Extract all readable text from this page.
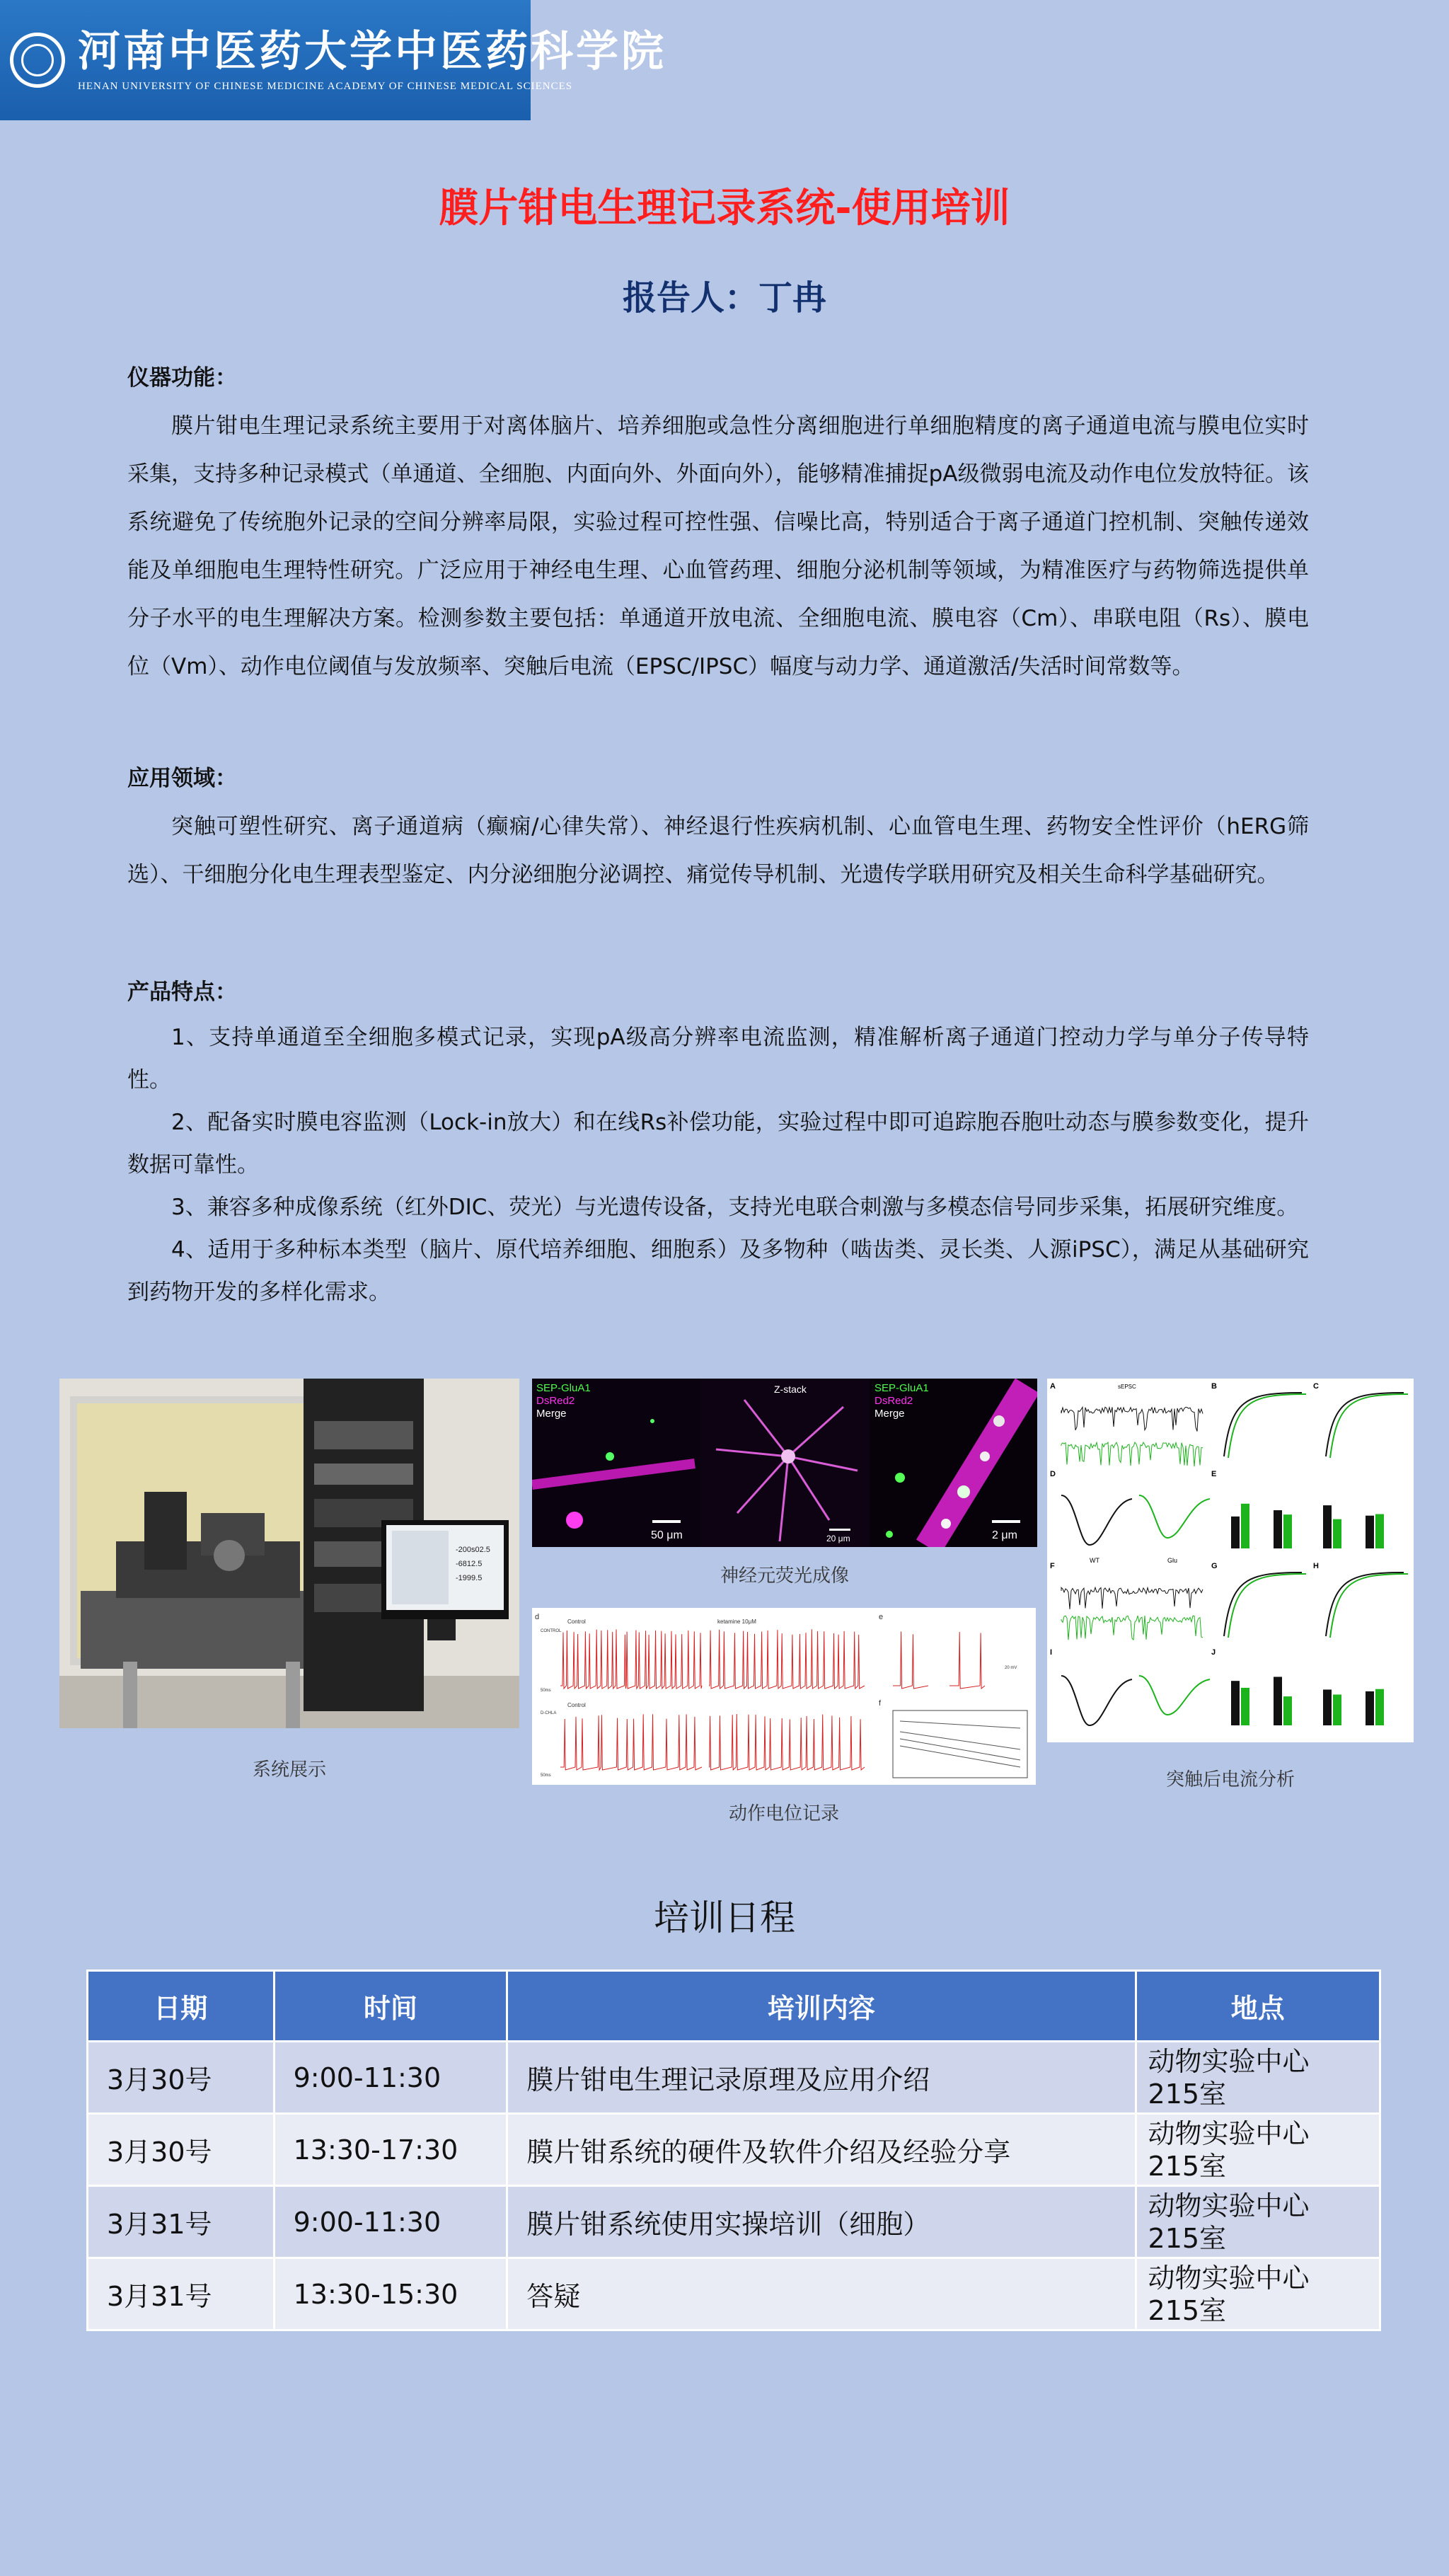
河南中医药大学中医药科学院
HENAN UNIVERSITY OF CHINESE MEDICINE ACADEMY OF CHINESE MEDICAL SCIENCES
膜片钳电生理记录系统-使用培训
报告人：丁冉
仪器功能：
膜片钳电生理记录系统主要用于对离体脑片、培养细胞或急性分离细胞进行单细胞精度的离子通道电流与膜电位实时采集，支持多种记录模式（单通道、全细胞、内面向外、外面向外），能够精准捕捉pA级微弱电流及动作电位发放特征。该系统避免了传统胞外记录的空间分辨率局限，实验过程可控性强、信噪比高，特别适合于离子通道门控机制、突触传递效能及单细胞电生理特性研究。广泛应用于神经电生理、心血管药理、细胞分泌机制等领域，为精准医疗与药物筛选提供单分子水平的电生理解决方案。检测参数主要包括：单通道开放电流、全细胞电流、膜电容（Cm）、串联电阻（Rs）、膜电位（Vm）、动作电位阈值与发放频率、突触后电流（EPSC/IPSC）幅度与动力学、通道激活/失活时间常数等。
应用领域：
突触可塑性研究、离子通道病（癫痫/心律失常）、神经退行性疾病机制、心血管电生理、药物安全性评价（hERG筛选）、干细胞分化电生理表型鉴定、内分泌细胞分泌调控、痛觉传导机制、光遗传学联用研究及相关生命科学基础研究。
产品特点：
1、支持单通道至全细胞多模式记录，实现pA级高分辨率电流监测，精准解析离子通道门控动力学与单分子传导特性。
2、配备实时膜电容监测（Lock-in放大）和在线Rs补偿功能，实验过程中即可追踪胞吞胞吐动态与膜参数变化，提升数据可靠性。
3、兼容多种成像系统（红外DIC、荧光）与光遗传设备，支持光电联合刺激与多模态信号同步采集，拓展研究维度。
4、适用于多种标本类型（脑片、原代培养细胞、细胞系）及多物种（啮齿类、灵长类、人源iPSC），满足从基础研究到药物开发的多样化需求。
-200s02.5
-6812.5
-1999.5
系统展示
SEP-GluA1
DsRed2
Merge
50 μm
Z-stack
20 μm
SEP-GluA1
DsRed2
Merge
2 μm
神经元荧光成像
d
Control	ketamine 10μM
CONTROL
D-CHLA
50ms
50ms
Control
e
f
20 mV
动作电位记录
A	B	C
D	E
F	G	H
I	J
WT	Glu
sEPSC
突触后电流分析
培训日程
日期	时间	培训内容	地点
3月30号	9:00-11:30	膜片钳电生理记录原理及应用介绍	动物实验中心
215室

3月30号	13:30-17:30	膜片钳系统的硬件及软件介绍及经验分享	动物实验中心
215室

3月31号	9:00-11:30	膜片钳系统使用实操培训（细胞）	动物实验中心
215室

3月31号	13:30-15:30	答疑	动物实验中心
215室
